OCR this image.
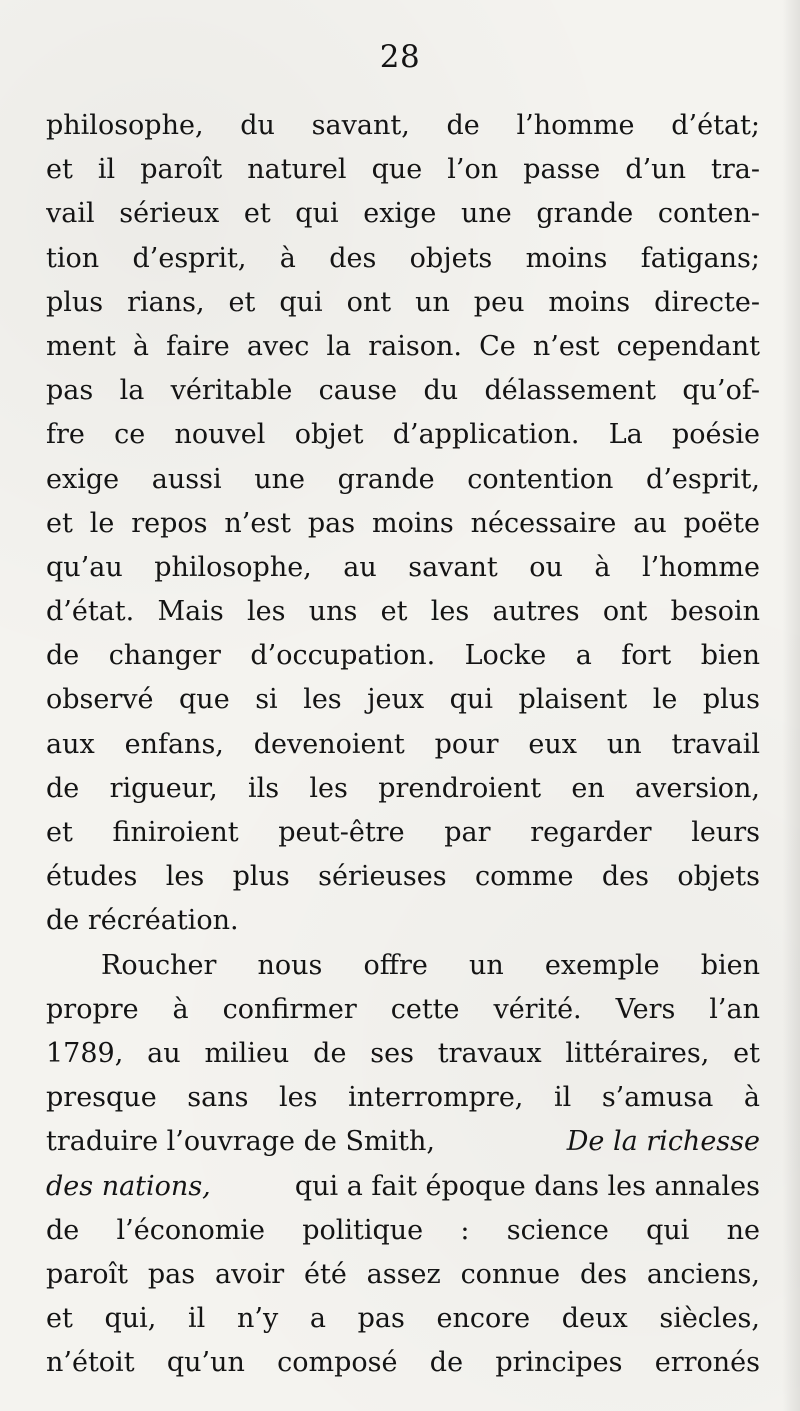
28
philosophe, du savant, de l’homme d’état;
et il paroît naturel que l’on passe d’un tra-
vail sérieux et qui exige une grande conten-
tion d’esprit, à des objets moins fatigans;
plus rians, et qui ont un peu moins directe-
ment à faire avec la raison. Ce n’est cependant
pas la véritable cause du délassement qu’of-
fre ce nouvel objet d’application. La poésie
exige aussi une grande contention d’esprit,
et le repos n’est pas moins nécessaire au poëte
qu’au philosophe, au savant ou à l’homme
d’état. Mais les uns et les autres ont besoin
de changer d’occupation. Locke a fort bien
observé que si les jeux qui plaisent le plus
aux enfans, devenoient pour eux un travail
de rigueur, ils les prendroient en aversion,
et finiroient peut-être par regarder leurs
études les plus sérieuses comme des objets
de récréation.
Roucher nous offre un exemple bien
propre à confirmer cette vérité. Vers l’an
1789, au milieu de ses travaux littéraires, et
presque sans les interrompre, il s’amusa à
traduire l’ouvrage de Smith,	De la richesse
des nations,	qui a fait époque dans les annales
de l’économie politique : science qui ne
paroît pas avoir été assez connue des anciens,
et qui, il n’y a pas encore deux siècles,
n’étoit qu’un composé de principes erronés
